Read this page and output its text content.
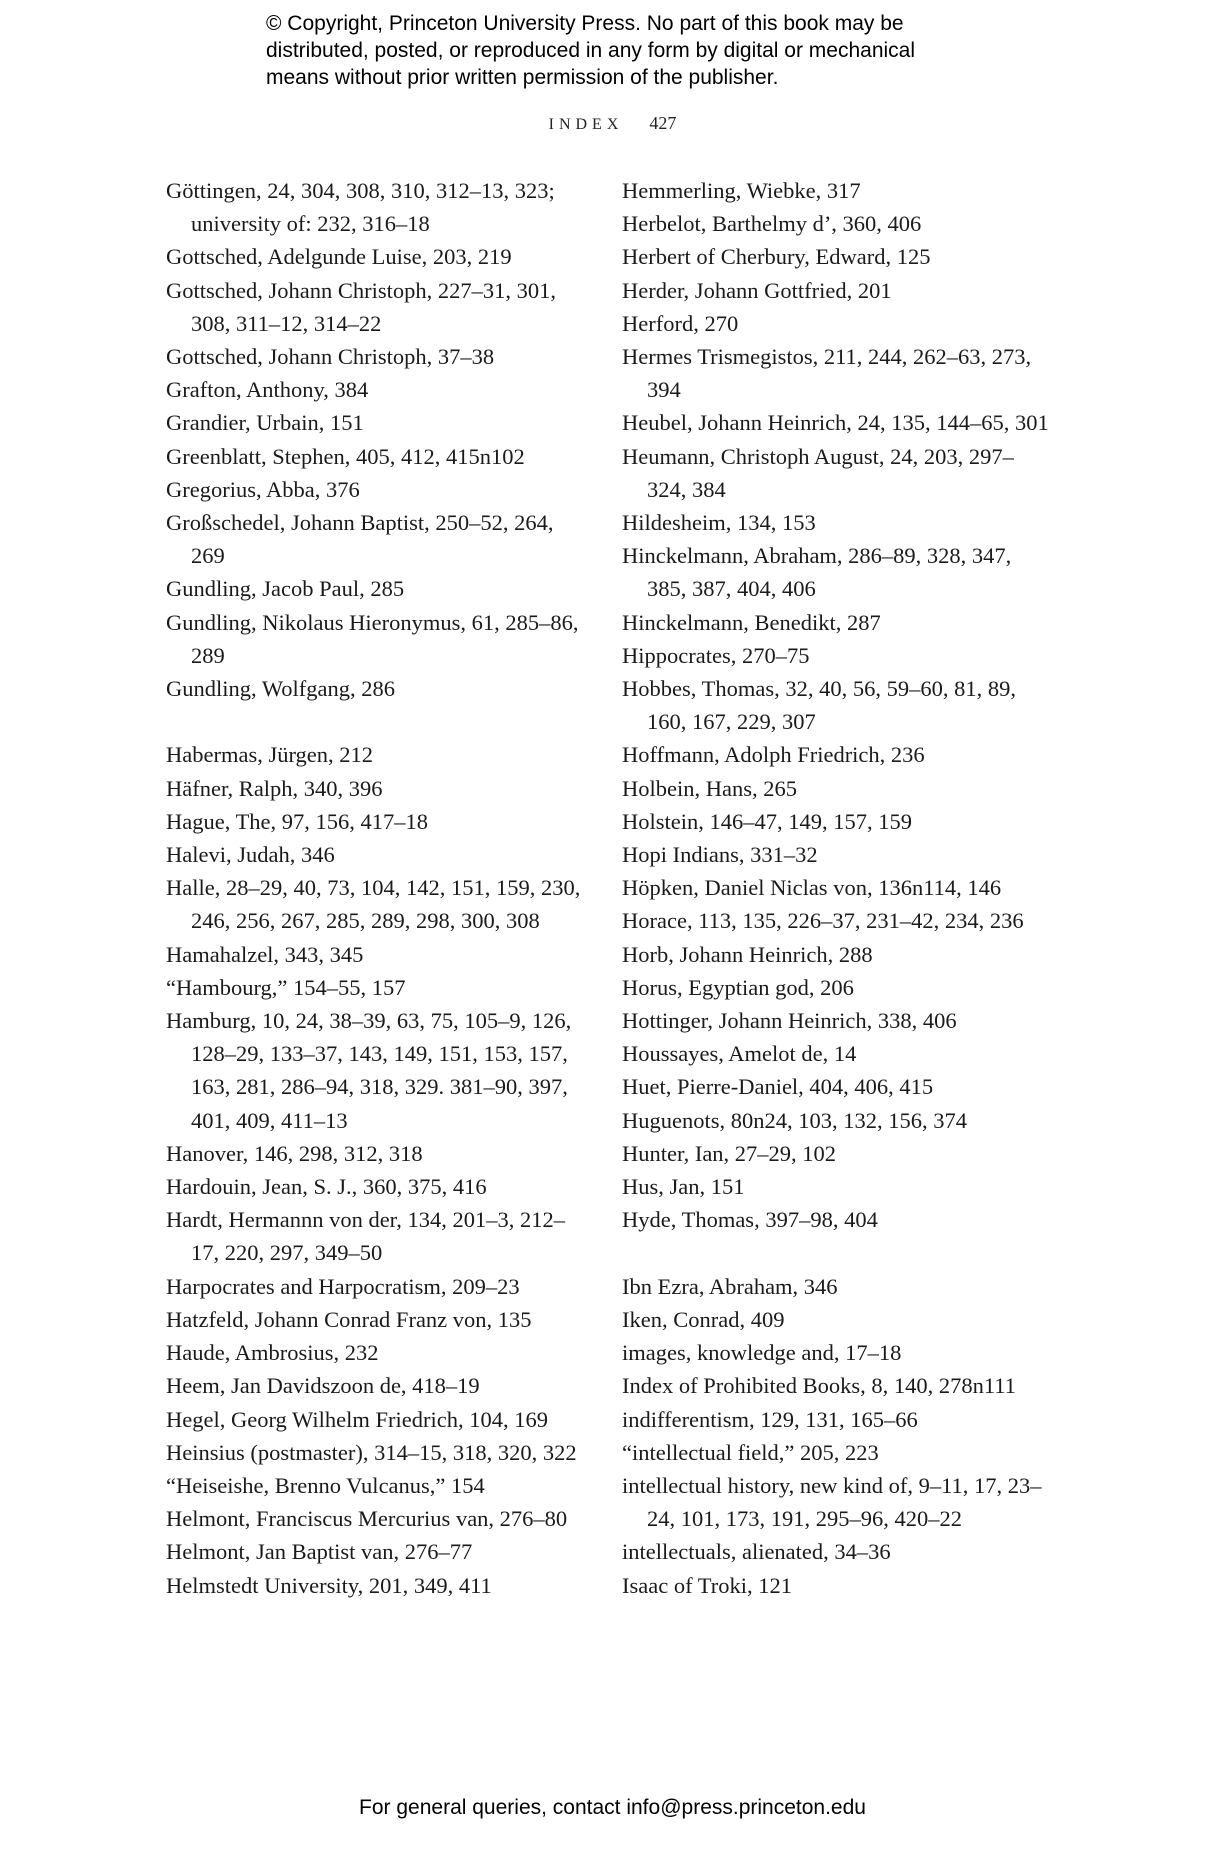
© Copyright, Princeton University Press. No part of this book may be
distributed, posted, or reproduced in any form by digital or mechanical
means without prior written permission of the publisher.
INDEX 427
Göttingen, 24, 304, 308, 310, 312–13, 323; university of: 232, 316–18
Gottsched, Adelgunde Luise, 203, 219
Gottsched, Johann Christoph, 227–31, 301, 308, 311–12, 314–22
Gottsched, Johann Christoph, 37–38
Grafton, Anthony, 384
Grandier, Urbain, 151
Greenblatt, Stephen, 405, 412, 415n102
Gregorius, Abba, 376
Großschedel, Johann Baptist, 250–52, 264, 269
Gundling, Jacob Paul, 285
Gundling, Nikolaus Hieronymus, 61, 285–86, 289
Gundling, Wolfgang, 286
Habermas, Jürgen, 212
Häfner, Ralph, 340, 396
Hague, The, 97, 156, 417–18
Halevi, Judah, 346
Halle, 28–29, 40, 73, 104, 142, 151, 159, 230, 246, 256, 267, 285, 289, 298, 300, 308
Hamahalzel, 343, 345
“Hambourg,” 154–55, 157
Hamburg, 10, 24, 38–39, 63, 75, 105–9, 126, 128–29, 133–37, 143, 149, 151, 153, 157, 163, 281, 286–94, 318, 329. 381–90, 397, 401, 409, 411–13
Hanover, 146, 298, 312, 318
Hardouin, Jean, S. J., 360, 375, 416
Hardt, Hermannn von der, 134, 201–3, 212–17, 220, 297, 349–50
Harpocrates and Harpocratism, 209–23
Hatzfeld, Johann Conrad Franz von, 135
Haude, Ambrosius, 232
Heem, Jan Davidszoon de, 418–19
Hegel, Georg Wilhelm Friedrich, 104, 169
Heinsius (postmaster), 314–15, 318, 320, 322
“Heiseishe, Brenno Vulcanus,” 154
Helmont, Franciscus Mercurius van, 276–80
Helmont, Jan Baptist van, 276–77
Helmstedt University, 201, 349, 411
Hemmerling, Wiebke, 317
Herbelot, Barthelmy d’, 360, 406
Herbert of Cherbury, Edward, 125
Herder, Johann Gottfried, 201
Herford, 270
Hermes Trismegistos, 211, 244, 262–63, 273, 394
Heubel, Johann Heinrich, 24, 135, 144–65, 301
Heumann, Christoph August, 24, 203, 297–324, 384
Hildesheim, 134, 153
Hinckelmann, Abraham, 286–89, 328, 347, 385, 387, 404, 406
Hinckelmann, Benedikt, 287
Hippocrates, 270–75
Hobbes, Thomas, 32, 40, 56, 59–60, 81, 89, 160, 167, 229, 307
Hoffmann, Adolph Friedrich, 236
Holbein, Hans, 265
Holstein, 146–47, 149, 157, 159
Hopi Indians, 331–32
Höpken, Daniel Niclas von, 136n114, 146
Horace, 113, 135, 226–37, 231–42, 234, 236
Horb, Johann Heinrich, 288
Horus, Egyptian god, 206
Hottinger, Johann Heinrich, 338, 406
Houssayes, Amelot de, 14
Huet, Pierre-Daniel, 404, 406, 415
Huguenots, 80n24, 103, 132, 156, 374
Hunter, Ian, 27–29, 102
Hus, Jan, 151
Hyde, Thomas, 397–98, 404
Ibn Ezra, Abraham, 346
Iken, Conrad, 409
images, knowledge and, 17–18
Index of Prohibited Books, 8, 140, 278n111
indifferentism, 129, 131, 165–66
“intellectual field,” 205, 223
intellectual history, new kind of, 9–11, 17, 23–24, 101, 173, 191, 295–96, 420–22
intellectuals, alienated, 34–36
Isaac of Troki, 121
For general queries, contact info@press.princeton.edu
